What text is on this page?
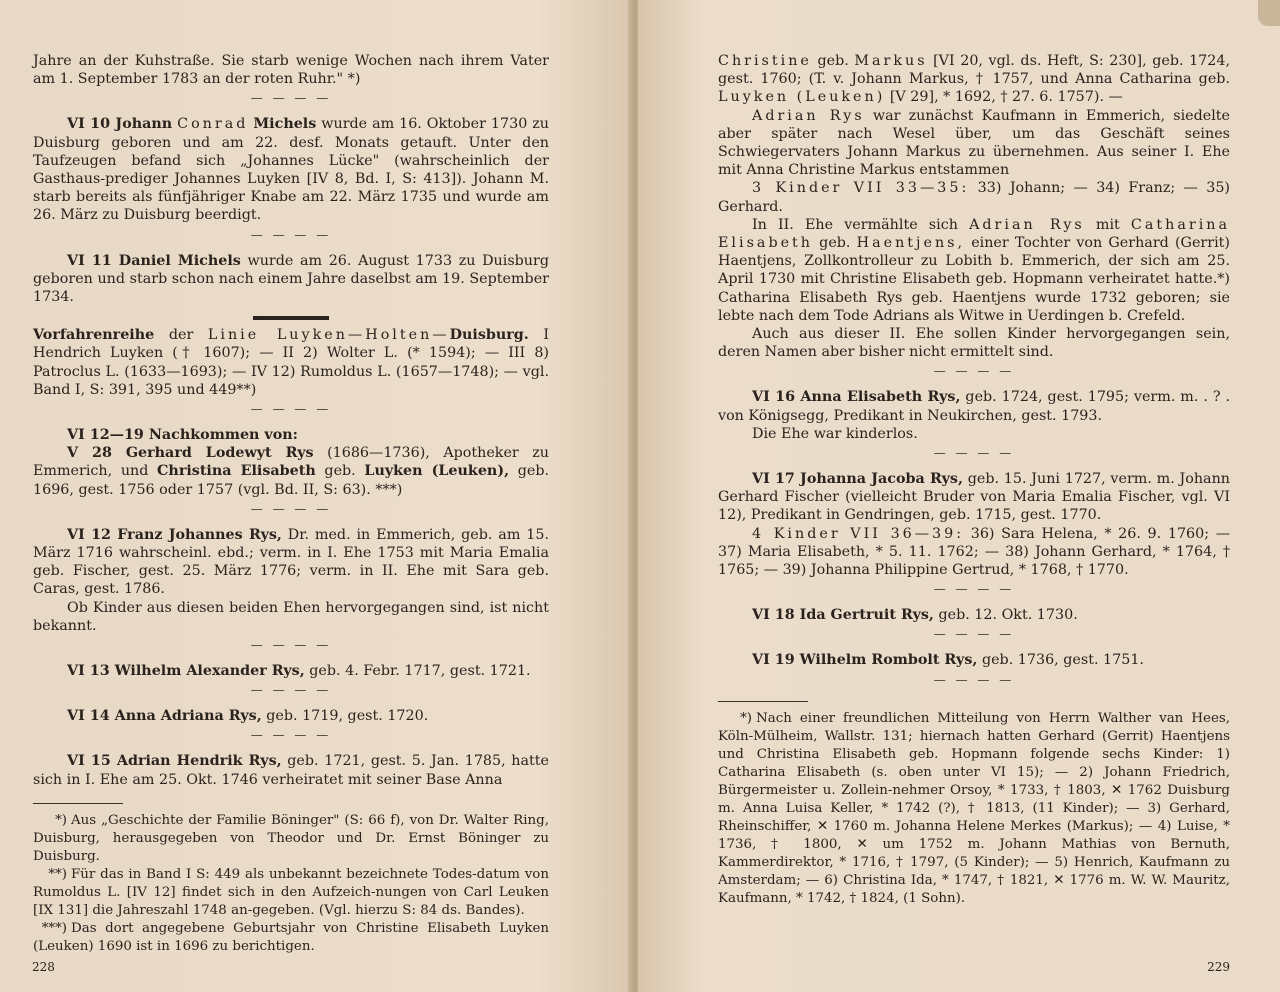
Jahre an der Kuhstraße. Sie starb wenige Wochen nach ihrem Vater am 1. September 1783 an der roten Ruhr." *)

— — — —

VI 10 Johann Conrad Michels wurde am 16. Oktober 1730 zu Duisburg geboren und am 22. desf. Monats getauft. Unter den Taufzeugen befand sich „Johannes Lücke" (wahrscheinlich der Gasthaus-prediger Johannes Luyken [IV 8, Bd. I, S: 413]). Johann M. starb bereits als fünfjähriger Knabe am 22. März 1735 und wurde am 26. März zu Duisburg beerdigt.

— — — —

VI 11 Daniel Michels wurde am 26. August 1733 zu Duisburg geboren und starb schon nach einem Jahre daselbst am 19. September 1734.

Vorfahrenreihe der Linie Luyken—Holten—Duisburg. I Hendrich Luyken († 1607); — II 2) Wolter L. (* 1594); — III 8) Patroclus L. (1633—1693); — IV 12) Rumoldus L. (1657—1748); — vgl. Band I, S: 391, 395 und 449**)

— — — —

VI 12—19 Nachkommen von:

V 28 Gerhard Lodewyt Rys (1686—1736), Apotheker zu Emmerich, und Christina Elisabeth geb. Luyken (Leuken), geb. 1696, gest. 1756 oder 1757 (vgl. Bd. II, S: 63). ***)

— — — —

VI 12 Franz Johannes Rys, Dr. med. in Emmerich, geb. am 15. März 1716 wahrscheinl. ebd.; verm. in I. Ehe 1753 mit Maria Emalia geb. Fischer, gest. 25. März 1776; verm. in II. Ehe mit Sara geb. Caras, gest. 1786.

Ob Kinder aus diesen beiden Ehen hervorgegangen sind, ist nicht bekannt.

— — — —

VI 13 Wilhelm Alexander Rys, geb. 4. Febr. 1717, gest. 1721.

— — — —

VI 14 Anna Adriana Rys, geb. 1719, gest. 1720.

— — — —

VI 15 Adrian Hendrik Rys, geb. 1721, gest. 5. Jan. 1785, hatte sich in I. Ehe am 25. Okt. 1746 verheiratet mit seiner Base Anna

*) Aus „Geschichte der Familie Böninger" (S: 66 f), von Dr. Walter Ring, Duisburg, herausgegeben von Theodor und Dr. Ernst Böninger zu Duisburg.

**) Für das in Band I S: 449 als unbekannt bezeichnete Todes-datum von Rumoldus L. [IV 12] findet sich in den Aufzeich-nungen von Carl Leuken [IX 131] die Jahreszahl 1748 an-gegeben. (Vgl. hierzu S: 84 ds. Bandes).

***) Das dort angegebene Geburtsjahr von Christine Elisabeth Luyken (Leuken) 1690 ist in 1696 zu berichtigen.

228

Christine geb. Markus [VI 20, vgl. ds. Heft, S: 230], geb. 1724, gest. 1760; (T. v. Johann Markus, † 1757, und Anna Catharina geb. Luyken (Leuken) [V 29], * 1692, † 27. 6. 1757). —

Adrian Rys war zunächst Kaufmann in Emmerich, siedelte aber später nach Wesel über, um das Geschäft seines Schwiegervaters Johann Markus zu übernehmen. Aus seiner I. Ehe mit Anna Christine Markus entstammen

3 Kinder VII 33—35: 33) Johann; — 34) Franz; — 35) Gerhard.

In II. Ehe vermählte sich Adrian Rys mit Catharina Elisabeth geb. Haentjens, einer Tochter von Gerhard (Gerrit) Haentjens, Zollkontrolleur zu Lobith b. Emmerich, der sich am 25. April 1730 mit Christine Elisabeth geb. Hopmann verheiratet hatte.*) Catharina Elisabeth Rys geb. Haentjens wurde 1732 geboren; sie lebte nach dem Tode Adrians als Witwe in Uerdingen b. Crefeld.

Auch aus dieser II. Ehe sollen Kinder hervorgegangen sein, deren Namen aber bisher nicht ermittelt sind.

— — — —

VI 16 Anna Elisabeth Rys, geb. 1724, gest. 1795; verm. m. . ? . von Königsegg, Predikant in Neukirchen, gest. 1793.

Die Ehe war kinderlos.

— — — —

VI 17 Johanna Jacoba Rys, geb. 15. Juni 1727, verm. m. Johann Gerhard Fischer (vielleicht Bruder von Maria Emalia Fischer, vgl. VI 12), Predikant in Gendringen, geb. 1715, gest. 1770.

4 Kinder VII 36—39: 36) Sara Helena, * 26. 9. 1760; — 37) Maria Elisabeth, * 5. 11. 1762; — 38) Johann Gerhard, * 1764, † 1765; — 39) Johanna Philippine Gertrud, * 1768, † 1770.

— — — —

VI 18 Ida Gertruit Rys, geb. 12. Okt. 1730.

— — — —

VI 19 Wilhelm Rombolt Rys, geb. 1736, gest. 1751.

— — — —

*) Nach einer freundlichen Mitteilung von Herrn Walther van Hees, Köln-Mülheim, Wallstr. 131; hiernach hatten Gerhard (Gerrit) Haentjens und Christina Elisabeth geb. Hopmann folgende sechs Kinder: 1) Catharina Elisabeth (s. oben unter VI 15); — 2) Johann Friedrich, Bürgermeister u. Zollein-nehmer Orsoy, * 1733, † 1803, ✕ 1762 Duisburg m. Anna Luisa Keller, * 1742 (?), † 1813, (11 Kinder); — 3) Gerhard, Rheinschiffer, ✕ 1760 m. Johanna Helene Merkes (Markus); — 4) Luise, * 1736, † 1800, ✕ um 1752 m. Johann Mathias von Bernuth, Kammerdirektor, * 1716, † 1797, (5 Kinder); — 5) Henrich, Kaufmann zu Amsterdam; — 6) Christina Ida, * 1747, † 1821, ✕ 1776 m. W. W. Mauritz, Kaufmann, * 1742, † 1824, (1 Sohn).

229
